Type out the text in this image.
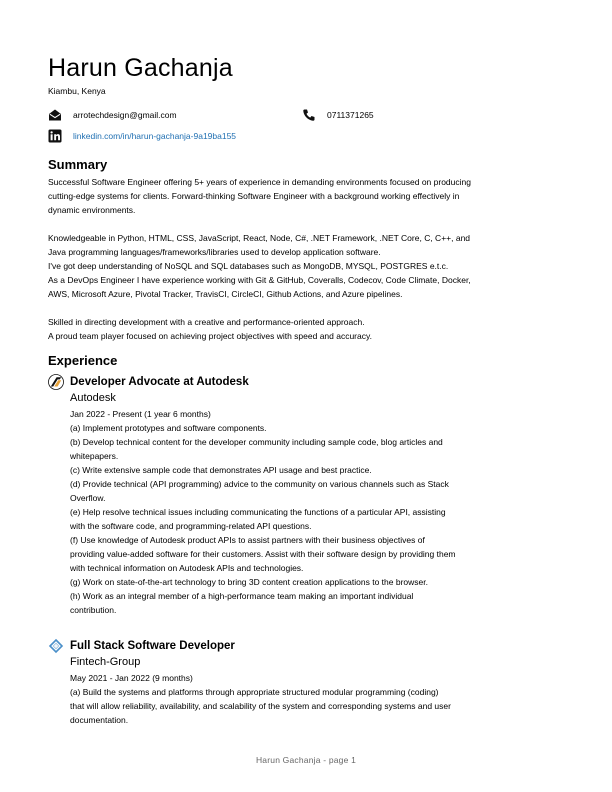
Harun Gachanja
Kiambu, Kenya
arrotechdesign@gmail.com	0711371265
linkedin.com/in/harun-gachanja-9a19ba155
Summary
Successful Software Engineer offering 5+ years of experience in demanding environments focused on producing
cutting-edge systems for clients. Forward-thinking Software Engineer with a background working effectively in
dynamic environments.
Knowledgeable in Python, HTML, CSS, JavaScript, React, Node, C#, .NET Framework, .NET Core, C, C++, and
Java programming languages/frameworks/libraries used to develop application software.
I've got deep understanding of NoSQL and SQL databases such as MongoDB, MYSQL, POSTGRES e.t.c.
As a DevOps Engineer I have experience working with Git & GitHub, Coveralls, Codecov, Code Climate, Docker,
AWS, Microsoft Azure, Pivotal Tracker, TravisCI, CircleCI, Github Actions, and Azure pipelines.
Skilled in directing development with a creative and performance-oriented approach.
A proud team player focused on achieving project objectives with speed and accuracy.
Experience
Developer Advocate at Autodesk
Autodesk
Jan 2022 - Present (1 year 6 months)
(a) Implement prototypes and software components.
(b) Develop technical content for the developer community including sample code, blog articles and
whitepapers.
(c) Write extensive sample code that demonstrates API usage and best practice.
(d) Provide technical (API programming) advice to the community on various channels such as Stack
Overflow.
(e) Help resolve technical issues including communicating the functions of a particular API, assisting
with the software code, and programming-related API questions.
(f) Use knowledge of Autodesk product APIs to assist partners with their business objectives of
providing value-added software for their customers. Assist with their software design by providing them
with technical information on Autodesk APIs and technologies.
(g) Work on state-of-the-art technology to bring 3D content creation applications to the browser.
(h) Work as an integral member of a high-performance team making an important individual
contribution.
Full Stack Software Developer
Fintech-Group
May 2021 - Jan 2022 (9 months)
(a) Build the systems and platforms through appropriate structured modular programming (coding)
that will allow reliability, availability, and scalability of the system and corresponding systems and user
documentation.
Harun Gachanja - page 1
